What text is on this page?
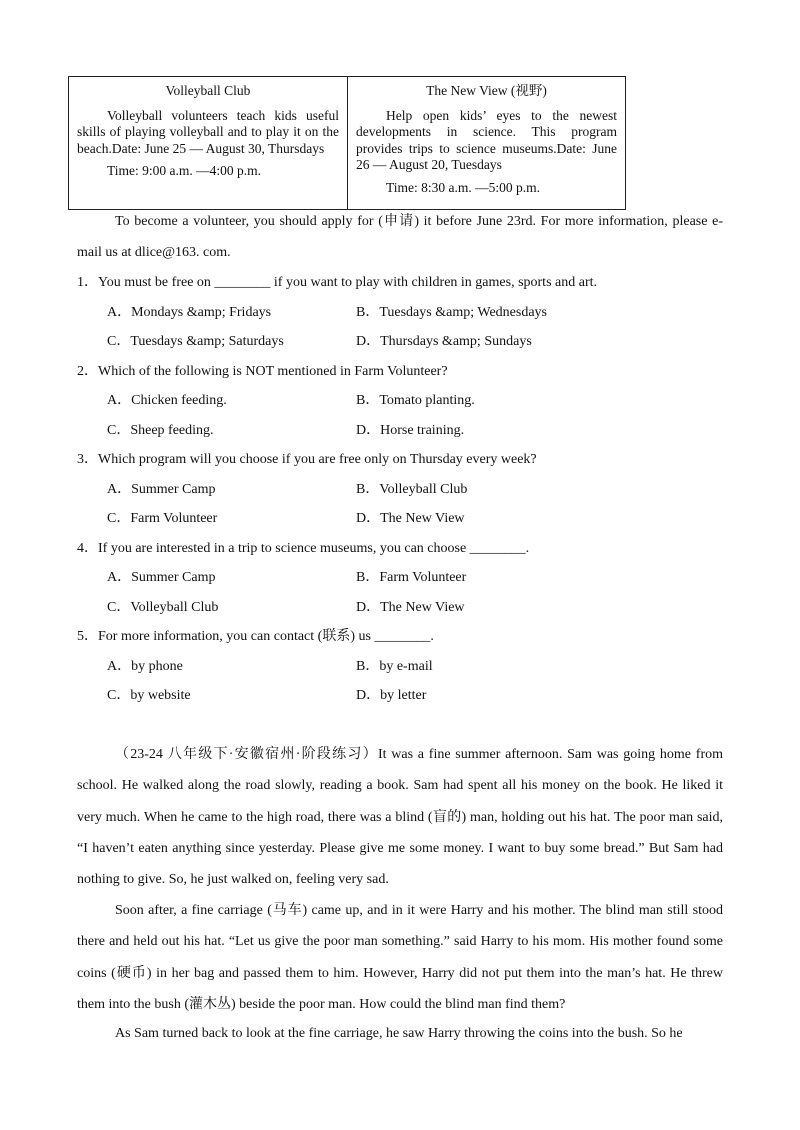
Volleyball Club
Volleyball volunteers teach kids useful skills of playing volleyball and to play it on the beach.Date: June 25 — August 30, Thursdays
Time: 9:00 a.m. —4:00 p.m.
The New View (视野)
Help open kids’ eyes to the newest developments in science. This program provides trips to science museums.Date: June 26 — August 20, Tuesdays
Time: 8:30 a.m. —5:00 p.m.
To become a volunteer, you should apply for (申请) it before June 23rd. For more information, please e-mail us at dlice@163. com.
1．You must be free on ________ if you want to play with children in games, sports and art.
A．Mondays &amp; Fridays	B．Tuesdays &amp; Wednesdays
C．Tuesdays &amp; Saturdays	D．Thursdays &amp; Sundays
2．Which of the following is NOT mentioned in Farm Volunteer?
A．Chicken feeding.	B．Tomato planting.
C．Sheep feeding.	D．Horse training.
3．Which program will you choose if you are free only on Thursday every week?
A．Summer Camp	B．Volleyball Club
C．Farm Volunteer	D．The New View
4．If you are interested in a trip to science museums, you can choose ________.
A．Summer Camp	B．Farm Volunteer
C．Volleyball Club	D．The New View
5．For more information, you can contact (联系) us ________.
A．by phone	B．by e-mail
C．by website	D．by letter
（23-24 八年级下·安徽宿州·阶段练习）It was a fine summer afternoon. Sam was going home from school. He walked along the road slowly, reading a book. Sam had spent all his money on the book. He liked it very much. When he came to the high road, there was a blind (盲的) man, holding out his hat. The poor man said, “I haven’t eaten anything since yesterday. Please give me some money. I want to buy some bread.” But Sam had nothing to give. So, he just walked on, feeling very sad.
Soon after, a fine carriage (马车) came up, and in it were Harry and his mother. The blind man still stood there and held out his hat. “Let us give the poor man something.” said Harry to his mom. His mother found some coins (硬币) in her bag and passed them to him. However, Harry did not put them into the man’s hat. He threw them into the bush (灌木丛) beside the poor man. How could the blind man find them?
As Sam turned back to look at the fine carriage, he saw Harry throwing the coins into the bush. So he
